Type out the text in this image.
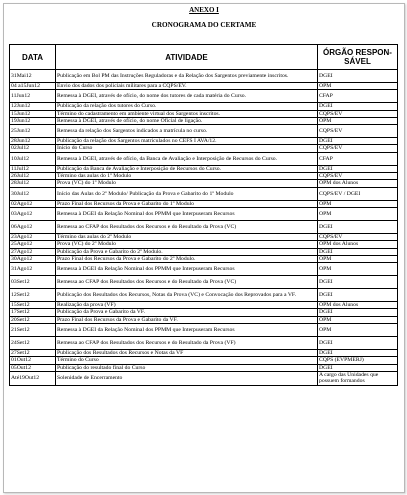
ANEXO I
CRONOGRAMA DO CERTAME
DATA	ATIVIDADE	ÓRGÃO RESPON-SÁVEL
31Mai12	Publicação em Bol PM das Instruções Reguladoras e da Relação dos Sargentos previamente inscritos.	DGEI
04 a15Jun12	Envio dos dados dos policiais militares para a CQPS/EV.	OPM
11Jun12	Remessa à DGEI, através de ofício, do nome dos tutores de cada matéria do Curso.	CFAP
12Jun12	Publicação da relação dos tutores do Curso.	DGEI
15Jun12	Término do cadastramento em ambiente virtual dos Sargentos inscritos.	CQPS/EV
19Jun12	Remessa à DGEI, através de ofício, do nome Oficial de ligação.	OPM
25Jun12	Remessa da relação dos Sargentos indicados a matrícula no curso.	CQPS/EV
28Jun12	Publicação da relação dos Sargentos matriculados no CEFS I AVA/12.	DGEI
02Jul12	Início do Curso	CQPS/EV
10Jul12	Remessa à DGEI, através de ofício, da Banca de Avaliação e Interposição de Recursos do Curso.	CFAP
11Jul12	Publicação da Banca de Avaliação e Interposição de Recursos do Curso.	DGEI
26Jul12	Término das aulas do 1º Modulo	CQPS/EV
28Jul12	Prova (VC) do 1º Modulo	OPM dos Alunos
30Jul12	Início das Aulas do 2º Modulo/ Publicação da Prova e Gabarito do 1º Modulo	CQPS/EV / DGEI
02Ago12	Prazo Final dos Recursos da Prova e Gabarito do 1º Modulo	OPM
03Ago12	Remessa à DGEI da Relação Nominal dos PPMM que Interpuseram Recursos	OPM
06Ago12	Remessa ao CFAP dos Resultados dos Recursos e do Resultado da Prova (VC)	DGEI
23Ago12	Término das aulas do 2º Modulo	CQPS/EV
25Ago12	Prova (VC) do 2º Modulo	OPM dos Alunos
27Ago12	Publicação da Prova e Gabarito do 2º Modulo.	DGEI
30Ago12	Prazo Final dos Recursos da Prova e Gabarito do 2º Modulo.	OPM
31Ago12	Remessa à DGEI da Relação Nominal dos PPMM que Interpuseram Recursos	OPM
03Set12	Remessa ao CFAP dos Resultados dos Recursos e do Resultado da Prova (VC)	DGEI
12Set12	Publicação dos Resultados dos Recursos, Notas da Prova (VC) e Convocação dos Reprovados para a VF.	DGEI
15Set12	Realização da prova (VF)	OPM dos Alunos
17Set12	Publicação da Prova e Gabarito da VF.	DGEI
20Set12	Prazo Final dos Recursos da Prova e Gabarito da VF.	OPM
21Set12	Remessa à DGEI da Relação Nominal dos PPMM que Interpuseram Recursos	OPM
24Set12	Remessa ao CFAP dos Resultados dos Recursos e do Resultado da Prova (VF)	DGEI
27Set12	Publicação dos Resultados dos Recursos e Notas da VF	DGEI
01Out12	Término do Curso	CQPS (EVPMERJ)
05Out12	Publicação do resultado final do Curso	DGEI
Até19Out12	Solenidade de Encerramento	A cargo das Unidades que possuem formandos
